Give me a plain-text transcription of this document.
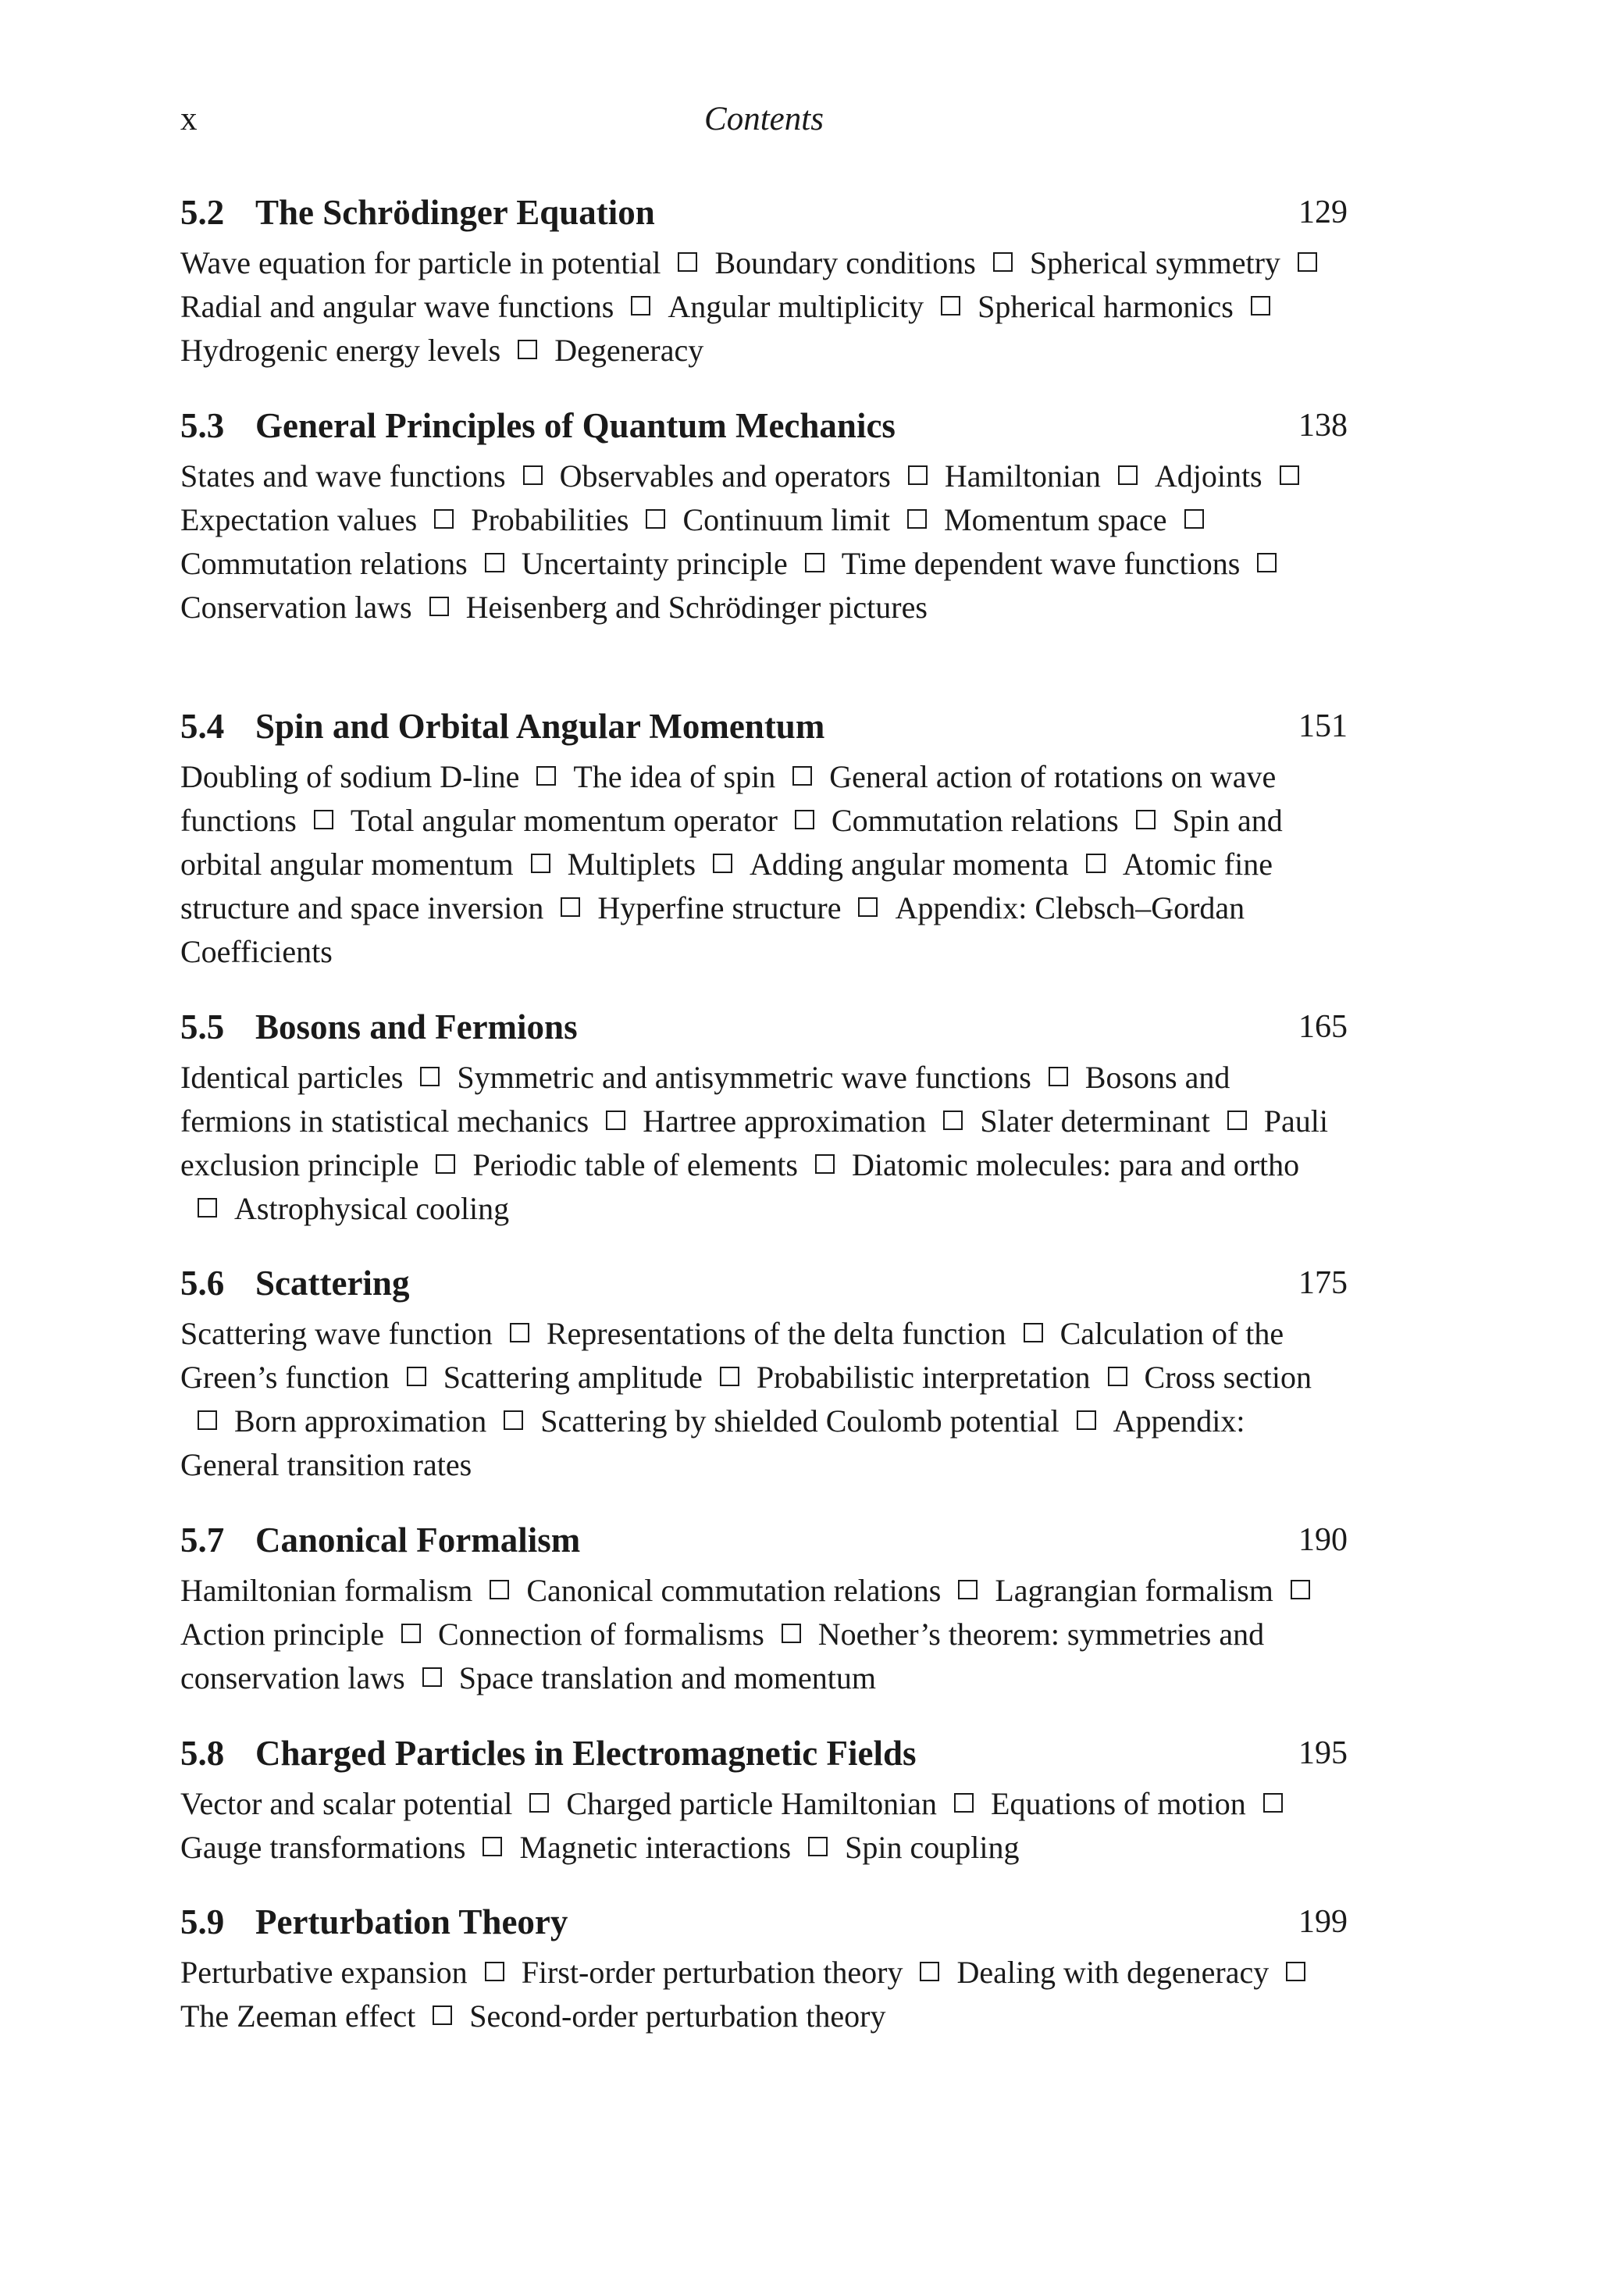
x	Contents
5.2 The Schrödinger Equation	129
Wave equation for particle in potential Boundary conditions Spherical symmetryRadial and angular wave functions Angular multiplicity Spherical harmonicsHydrogenic energy levels Degeneracy
5.3 General Principles of Quantum Mechanics	138
States and wave functions Observables and operators Hamiltonian AdjointsExpectation values Probabilities Continuum limit Momentum spaceCommutation relations Uncertainty principle Time dependent wave functionsConservation laws Heisenberg and Schrödinger pictures
5.4 Spin and Orbital Angular Momentum	151
Doubling of sodium D-line The idea of spin General action of rotations on wave functions Total angular momentum operator Commutation relations Spin and orbital angular momentum Multiplets Adding angular momenta Atomic fine structure and space inversion Hyperfine structure Appendix: Clebsch–Gordan Coefficients
5.5 Bosons and Fermions	165
Identical particles Symmetric and antisymmetric wave functions Bosons and fermions in statistical mechanics Hartree approximation Slater determinant Pauli exclusion principle Periodic table of elements Diatomic molecules: para and orthoAstrophysical cooling
5.6 Scattering	175
Scattering wave function Representations of the delta function Calculation of the Green’s function Scattering amplitude Probabilistic interpretation Cross sectionBorn approximation Scattering by shielded Coulomb potential Appendix: General transition rates
5.7 Canonical Formalism	190
Hamiltonian formalism Canonical commutation relations Lagrangian formalismAction principle Connection of formalisms Noether’s theorem: symmetries and conservation laws Space translation and momentum
5.8 Charged Particles in Electromagnetic Fields	195
Vector and scalar potential Charged particle Hamiltonian Equations of motionGauge transformations Magnetic interactions Spin coupling
5.9 Perturbation Theory	199
Perturbative expansion First-order perturbation theory Dealing with degeneracyThe Zeeman effect Second-order perturbation theory
